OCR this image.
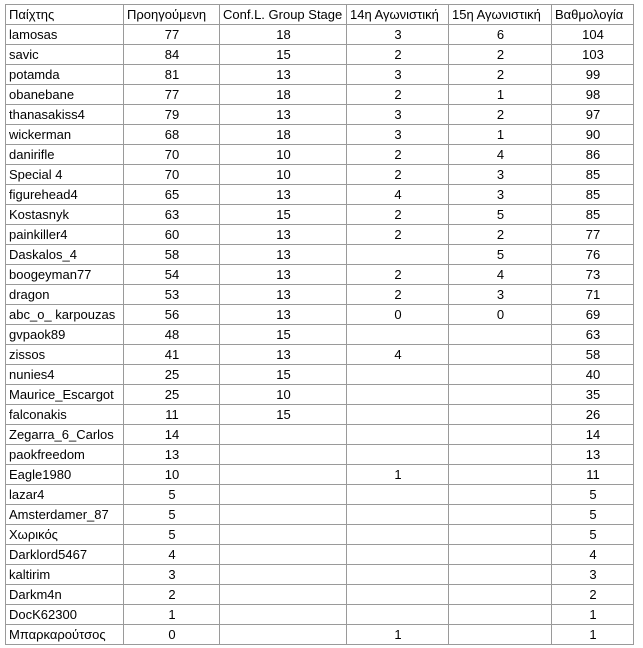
Παίχτης	Προηγούμενη	Conf.L. Group Stage	14η Αγωνιστική	15η Αγωνιστική	Βαθμολογία
lamosas	77	18	3	6	104
savic	84	15	2	2	103
potamda	81	13	3	2	99
obanebane	77	18	2	1	98
thanasakiss4	79	13	3	2	97
wickerman	68	18	3	1	90
danirifle	70	10	2	4	86
Special 4	70	10	2	3	85
figurehead4	65	13	4	3	85
Kostasnyk	63	15	2	5	85
painkiller4	60	13	2	2	77
Daskalos_4	58	13		5	76
boogeyman77	54	13	2	4	73
dragon	53	13	2	3	71
abc_o_ karpouzas	56	13	0	0	69
gvpaok89	48	15			63
zissos	41	13	4		58
nunies4	25	15			40
Maurice_Escargot	25	10			35
falconakis	11	15			26
Zegarra_6_Carlos	14				14
paokfreedom	13				13
Eagle1980	10		1		11
lazar4	5				5
Amsterdamer_87	5				5
Χωρικός	5				5
Darklord5467	4				4
kaltirim	3				3
Darkm4n	2				2
DocK62300	1				1
Μπαρκαρούτσος	0		1		1
